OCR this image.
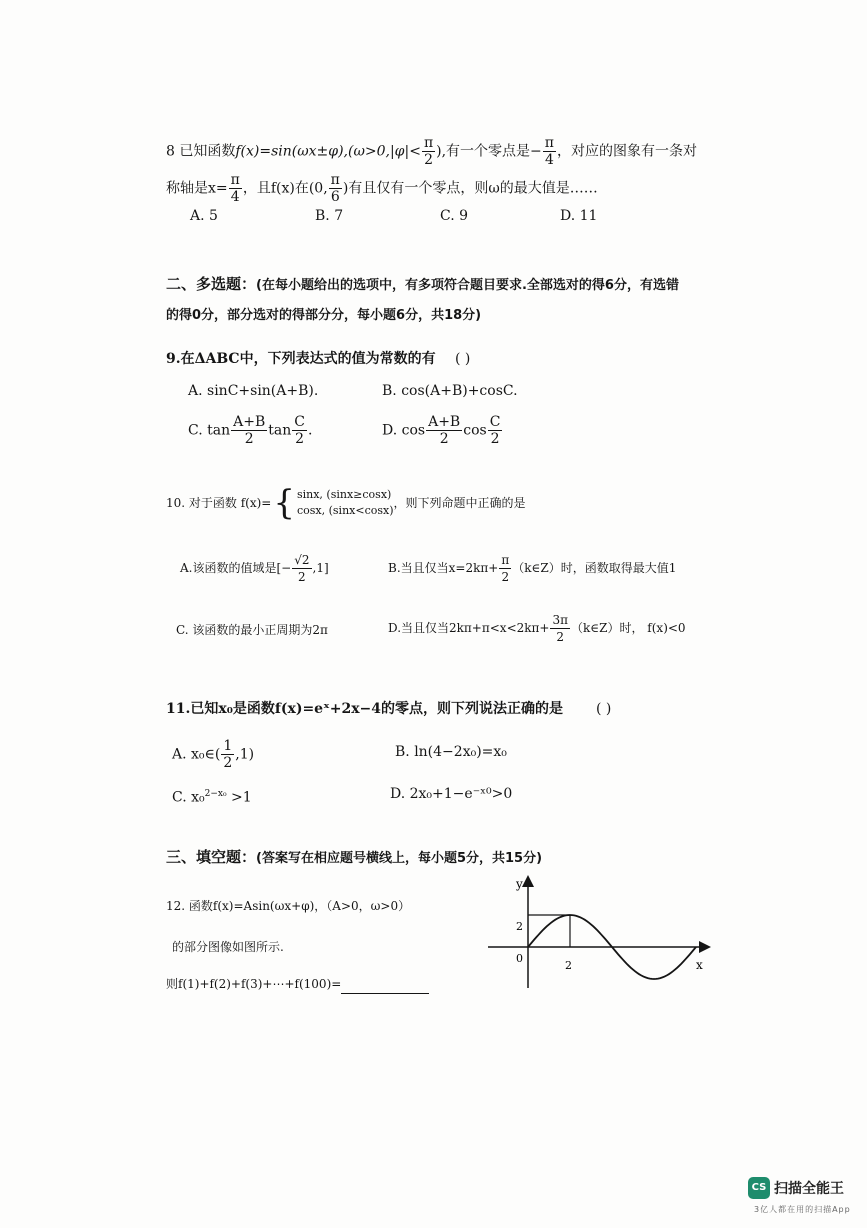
8 已知函数$f(x)=\sin(\omega x\pm\varphi),(\omega>0,|\varphi|< \frac{\pi}{2}$ ),有一个零点是− $\frac{\pi}{4}$ ，对应的图象有一条对
称轴是$x= \frac{\pi}{4}$ ，且f(x)在(0, $\frac{\pi}{6}$ )有且仅有一个零点，则ω的最大值是……
A. 5	B. 7	C. 9	D. 11
二、多选题：(在每小题给出的选项中，有多项符合题目要求.全部选对的得6分，有选错
的得0分，部分选对的得部分分，每小题6分，共18分)
9.在ΔABC中，下列表达式的值为常数的有 ( )
A. sinC+sin(A+B).	B. cos(A+B)+cosC.
C. $\tan \frac{A+B}{2}$ $\tan \frac{C}{2}$ .	D. $\cos \frac{A+B}{2}$ $\cos \frac{C}{2}$
10. 对于函数 f(x)={ sinx, (sinx≥cosx)
cosx, (sinx<cosx)
，则下列命题中正确的是
A.该函数的值域是[− $\frac{√2}{2} ,1$]	B.当且仅当$x=2k\pi+ \frac{\pi}{2}$ （k∈Z）时，函数取得最大值1
C. 该函数的最小正周期为2π	D.当且仅当$2k\pi+\pi<x<2k\pi+ \frac{3\pi}{2}$ （k∈Z）时， f(x)<0
11.已知x₀是函数f(x)=eˣ+2x−4的零点，则下列说法正确的是 ( )
A. x₀∈( $\frac{1}{2} ,1$)	B. ln(4−2x₀)=x₀
C. x₀$^{2-x_0}$ >1	D. 2x₀+1−e⁻ˣ⁰>0
三、填空题：(答案写在相应题号横线上，每小题5分，共15分)
12. 函数f(x)=Asin(ωx+φ)，（A>0，ω>0）
的部分图像如图所示.
则f(1)+f(2)+f(3)+⋯+f(100)=
y
x
0
2
2
CS 扫描全能王
3亿人都在用的扫描App
